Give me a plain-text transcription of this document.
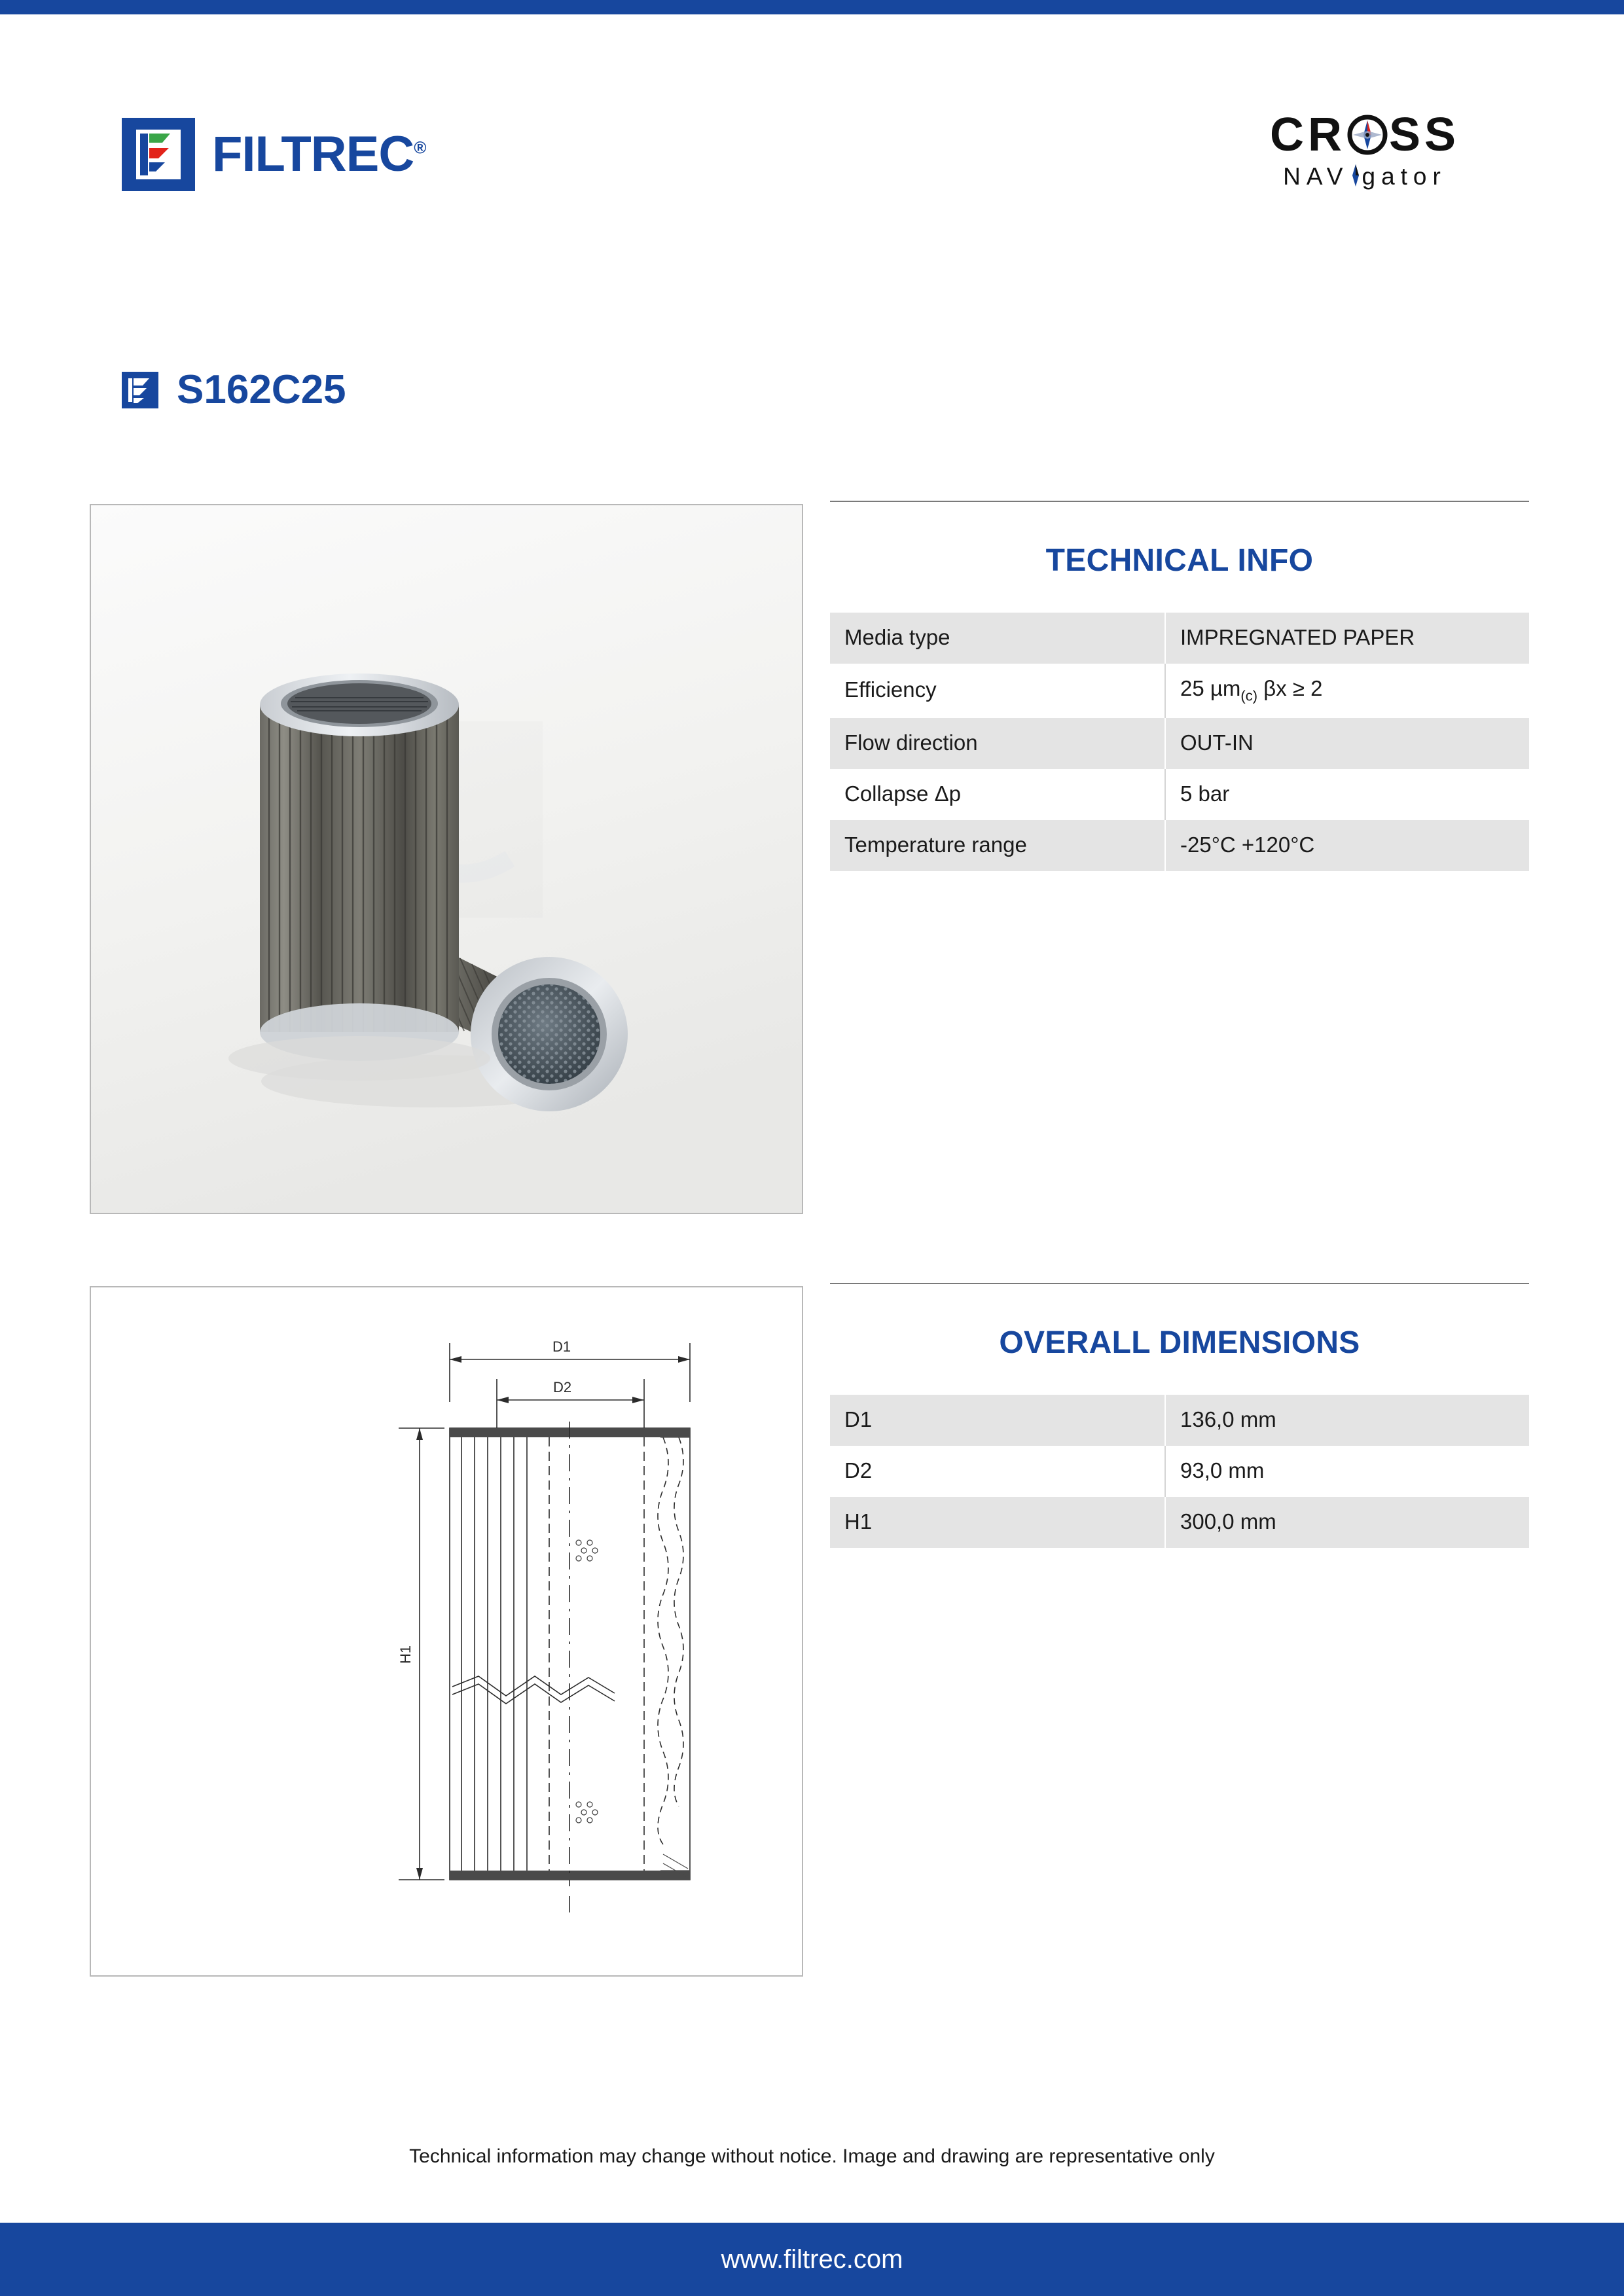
FILTREC®	CR SS
NAV gator
S162C25
TECHNICAL INFO
Media type	IMPREGNATED PAPER
Efficiency	25 µm$_{(c)}$ βx ≥ 2
Flow direction	OUT-IN
Collapse Δp	5 bar
Temperature range	-25°C +120°C
D1
D2
H1
OVERALL DIMENSIONS
D1	136,0 mm
D2	93,0 mm
H1	300,0 mm
Technical information may change without notice. Image and drawing are representative only
www.filtrec.com
